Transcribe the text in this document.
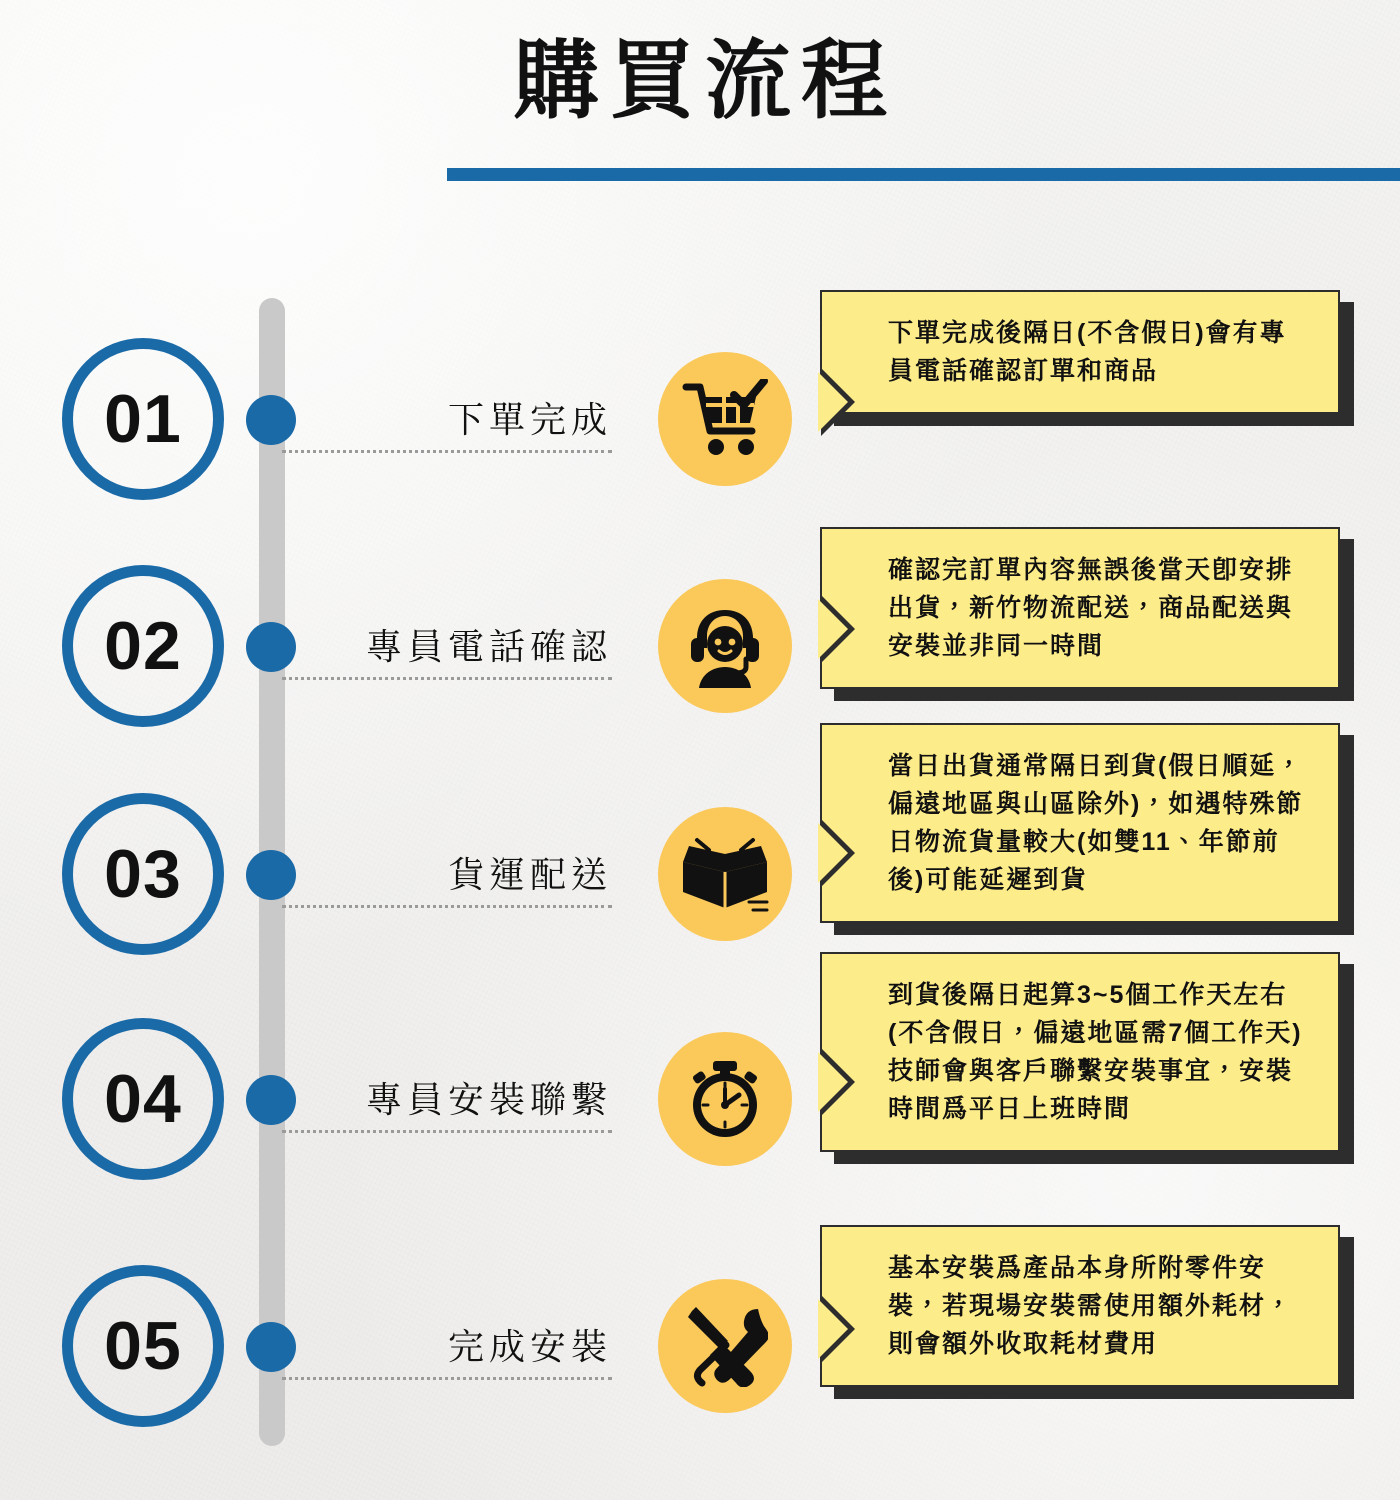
購買流程
01	下單完成
下單完成後隔日(不含假日)會有專員電話確認訂單和商品
02	專員電話確認
確認完訂單內容無誤後當天卽安排出貨，新竹物流配送，商品配送與安裝並非同一時間
03	貨運配送
當日出貨通常隔日到貨(假日順延，偏遠地區與山區除外)，如遇特殊節日物流貨量較大(如雙11、年節前後)可能延遲到貨
04	專員安裝聯繫
到貨後隔日起算3~5個工作天左右(不含假日，偏遠地區需7個工作天)技師會與客戶聯繫安裝事宜，安裝時間爲平日上班時間
05	完成安裝
基本安裝爲產品本身所附零件安裝，若現場安裝需使用額外耗材，則會額外收取耗材費用
